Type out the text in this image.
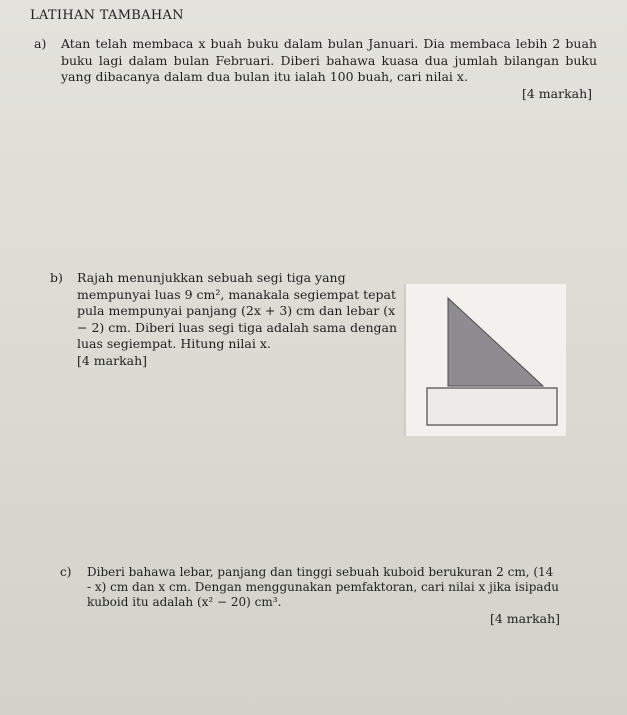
LATIHAN TAMBAHAN
a) Atan telah membaca x buah buku dalam bulan Januari. Dia membaca lebih 2 buah buku lagi dalam bulan Februari. Diberi bahawa kuasa dua jumlah bilangan buku yang dibacanya dalam dua bulan itu ialah 100 buah, cari nilai x.
[4 markah]
b) Rajah menunjukkan sebuah segi tiga yang mempunyai luas 9 cm², manakala segiempat tepat pula mempunyai panjang (2x + 3) cm dan lebar (x − 2) cm. Diberi luas segi tiga adalah sama dengan luas segiempat. Hitung nilai x.
[4 markah]
c) Diberi bahawa lebar, panjang dan tinggi sebuah kuboid berukuran 2 cm, (14 - x) cm dan x cm. Dengan menggunakan pemfaktoran, cari nilai x jika isipadu kuboid itu adalah (x² − 20) cm³.
[4 markah]
